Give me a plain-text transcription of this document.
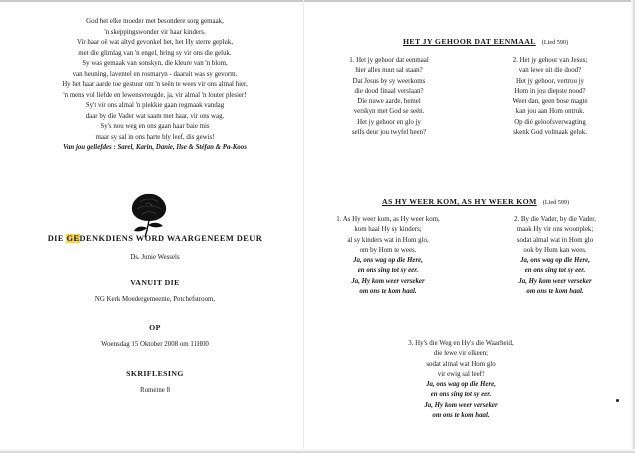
God het elke moeder met besondere sorg gemaak,
'n skeppingswonder vir haar kinders.
Vir haar oë wat altyd gevonkel het, het Hy sterre gepluk,
met die glimlag van 'n engel, bring sy vir ons die geluk.
Sy was gemaak van sonskyn, die kleure van 'n blom,
van heuning, laventel en rosmaryn - daaruit was sy gevorm.
Hy het haar aarde toe gestuur om 'n seën te wees vir ons almal hier,
'n mens vol liefde en lewensvreugde, ja, vir almal 'n louter plesier!
Sy't vir ons almal 'n plekkie gaan regmaak vandag
daar by die Vader wat saam met haar, vir ons wag.
Sy's nou weg en ons gaan haar baie mis
maar sy sal in ons harte bly leef, dis gewis!
Van jou geliefdes : Sarel, Karin, Danie, Ilse & Stéfan & Pa-Koos
DIE GEDENKDIENS WORD WAARGENEEM DEUR
Ds. Junie Wessels
VANUIT DIE
NG Kerk Moedergemeente, Potchefstroom,
OP
Woensdag 15 Oktober 2008 om 11H00
SKRIFLESING
Romeine 8
HET JY GEHOOR DAT EENMAAL (Lied 590)
1. Het jy gehoor dat eenmaal
hier alles nuut sal staan?
Dat Jesus by sy weerkoms
die dood finaal verslaan?
Die nuwe aarde, hemel
verskyn met God se seën.
Het jy gehoor en glo jy
selfs deur jou twyfel heen?
2. Het jy gehoor van Jesus;
van lewe uit die dood?
Het jy gehoor, vertrou jy
Hom in jou diepste nood?
Weet dan, geen bose magte
kan jou aan Hom ontruk.
Op dié geloofsverwagting
skenk God volmaak geluk.
AS HY WEER KOM, AS HY WEER KOM (Lied 599)
1. As Hy weer kom, as Hy weer kom,
kom haal Hy sy kinders;
al sy kinders wat in Hom glo,
om by Hom te wees.
Ja, ons wag op die Here,
en ons sing tot sy eer.
Ja, Hy kom weer verseker
om ons te kom haal.
2. By die Vader, by die Vader,
maak Hy vir ons woonplek;
sodat almal wat in Hom glo
ook by Hom kan wees.
Ja, ons wag op die Here,
en ons sing tot sy eer.
Ja, Hy kom weer verseker
om ons te kom haal.
3. Hy's die Weg en Hy's die Waarheid,
die lewe vir elkeen;
sodat almal wat Hom glo
vir ewig sal leef!
Ja, ons wag op die Here,
en ons sing tot sy eer.
Ja, Hy kom weer verseker
om ons te kom haal.
